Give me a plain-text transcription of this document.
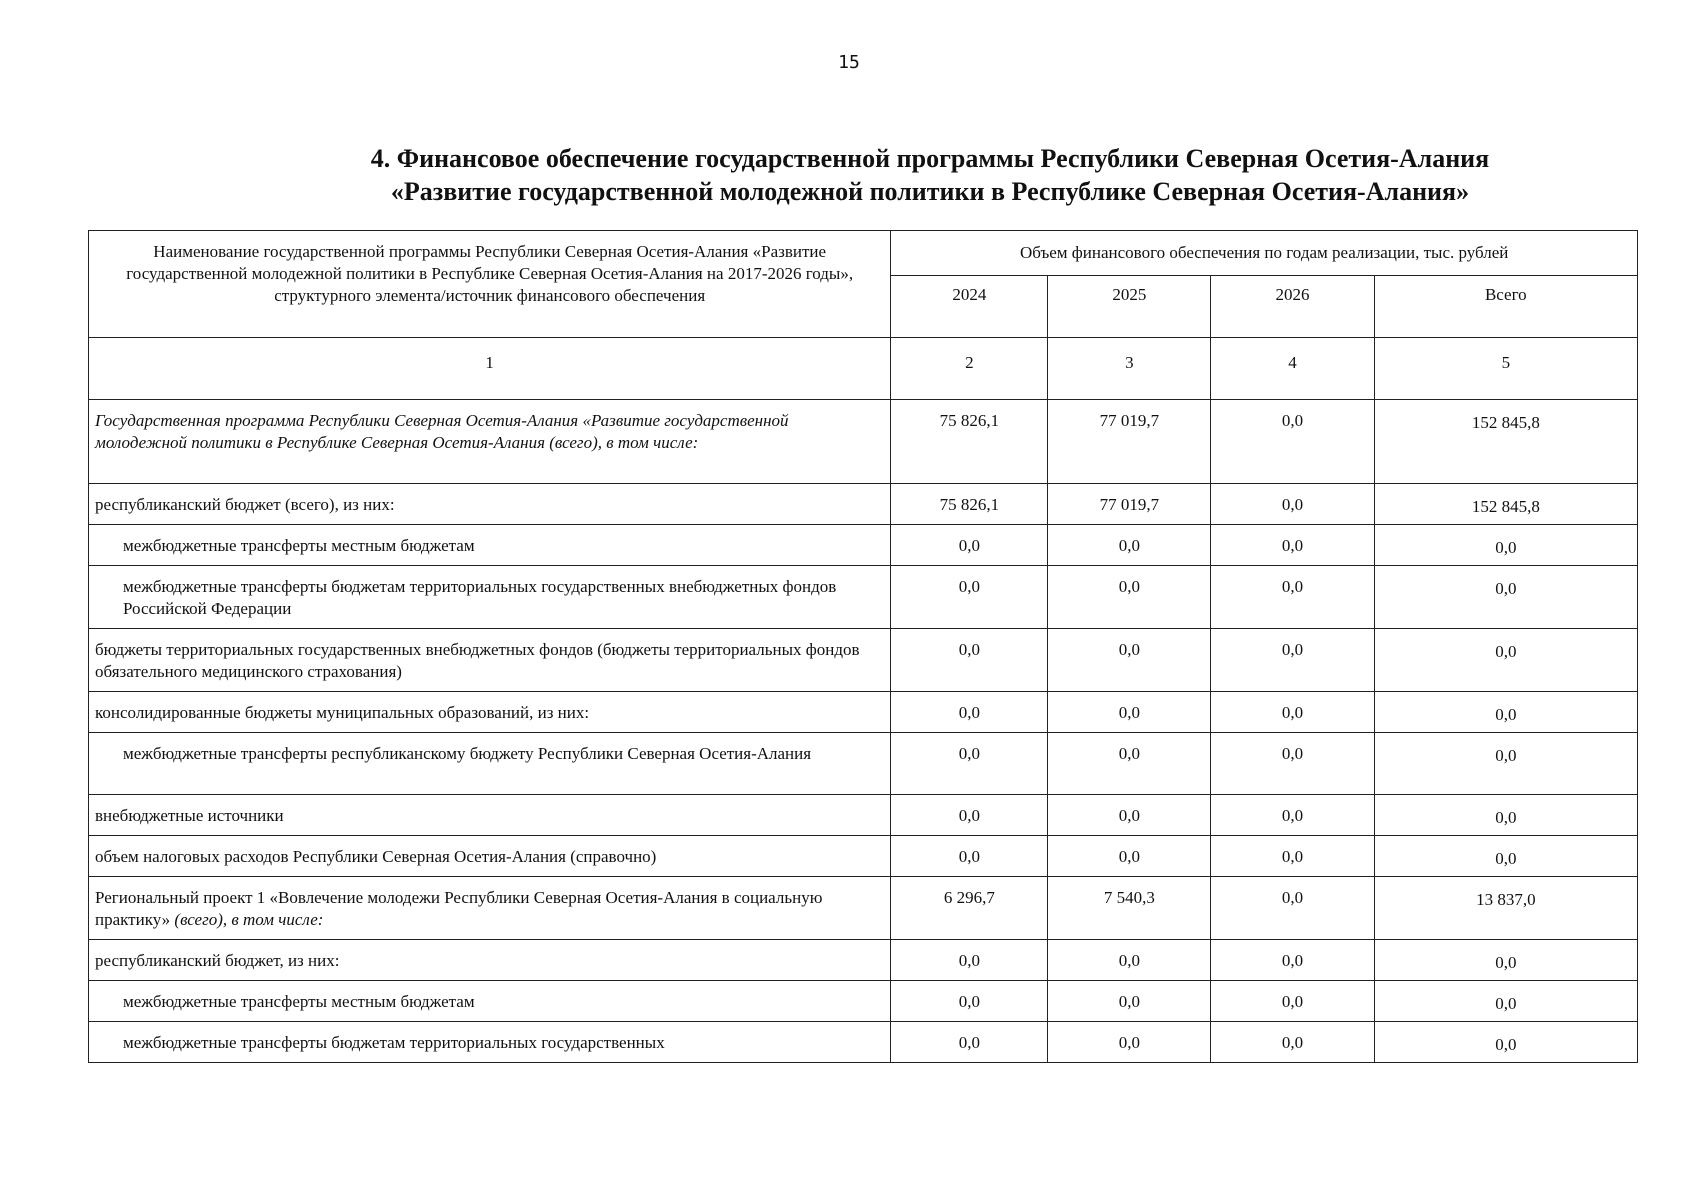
15
4. Финансовое обеспечение государственной программы Республики Северная Осетия-Алания
«Развитие государственной молодежной политики в Республике Северная Осетия-Алания»
Наименование государственной программы Республики Северная Осетия-Алания «Развитие государственной молодежной политики в Республике Северная Осетия-Алания на 2017-2026 годы», структурного элемента/источник финансового обеспечения	Объем финансового обеспечения по годам реализации, тыс. рублей			
	2024	2025	2026	Всего
1	2	3	4	5
Государственная программа Республики Северная Осетия-Алания «Развитие государственной молодежной политики в Республике Северная Осетия-Алания (всего), в том числе:	75 826,1	77 019,7	0,0	152 845,8
республиканский бюджет (всего), из них:	75 826,1	77 019,7	0,0	152 845,8
межбюджетные трансферты местным бюджетам	0,0	0,0	0,0	0,0
межбюджетные трансферты бюджетам территориальных государственных внебюджетных фондов Российской Федерации	0,0	0,0	0,0	0,0
бюджеты территориальных государственных внебюджетных фондов (бюджеты территориальных фондов обязательного медицинского страхования)	0,0	0,0	0,0	0,0
консолидированные бюджеты муниципальных образований, из них:	0,0	0,0	0,0	0,0
межбюджетные трансферты республиканскому бюджету Республики Северная Осетия-Алания	0,0	0,0	0,0	0,0
внебюджетные источники	0,0	0,0	0,0	0,0
объем налоговых расходов Республики Северная Осетия-Алания (справочно)	0,0	0,0	0,0	0,0
Региональный проект 1 «Вовлечение молодежи Республики Северная Осетия-Алания в социальную практику» (всего), в том числе:	6 296,7	7 540,3	0,0	13 837,0
республиканский бюджет, из них:	0,0	0,0	0,0	0,0
межбюджетные трансферты местным бюджетам	0,0	0,0	0,0	0,0
межбюджетные трансферты бюджетам территориальных государственных	0,0	0,0	0,0	0,0
